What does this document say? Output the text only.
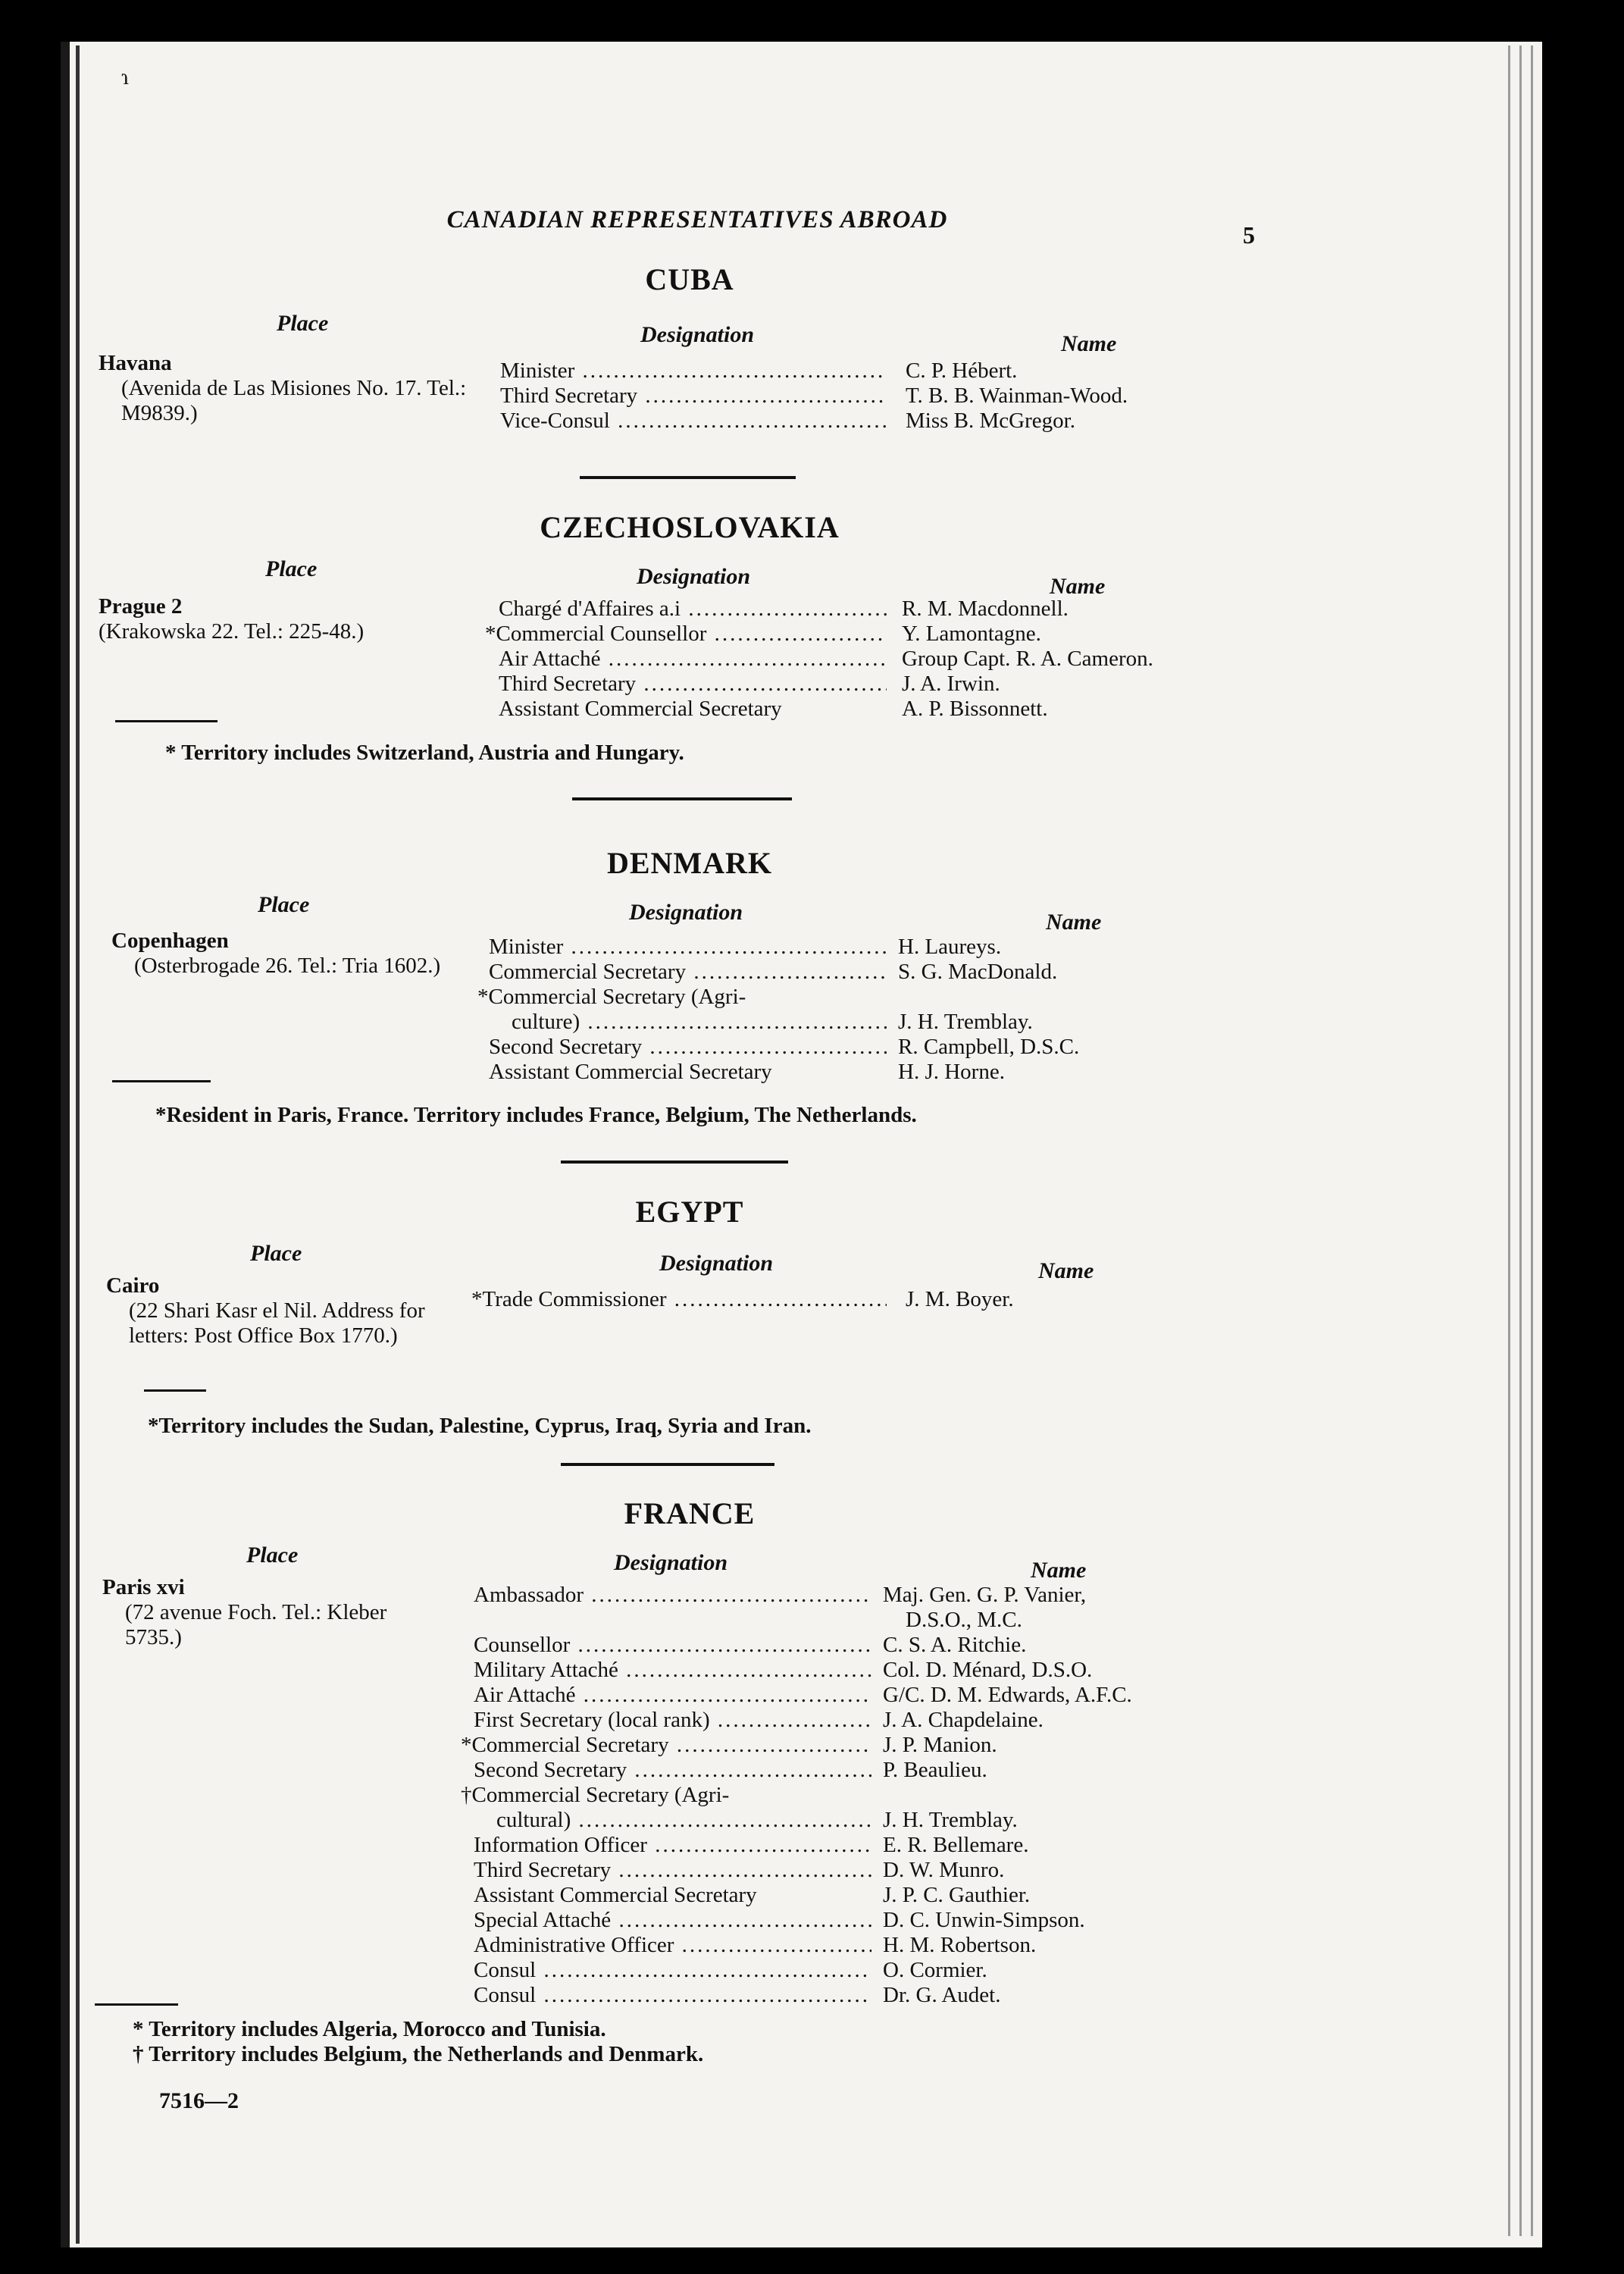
ɿ
CANADIAN REPRESENTATIVES ABROAD
5
CUBA
Place	Designation	Name
Havana
(Avenida de Las Misiones No. 17. Tel.: M9839.)
Minister .....	C. P. Hébert.
Third Secretary .....	T. B. B. Wainman-Wood.
Vice-Consul .....	Miss B. McGregor.
CZECHOSLOVAKIA
Place	Designation	Name
Prague 2
(Krakowska 22. Tel.: 225-48.)
Chargé d'Affaires a.i .....	R. M. Macdonnell.
*Commercial Counsellor .....	Y. Lamontagne.
Air Attaché .....	Group Capt. R. A. Cameron.
Third Secretary .....	J. A. Irwin.
Assistant Commercial Secretary	A. P. Bissonnett.
* Territory includes Switzerland, Austria and Hungary.
DENMARK
Place	Designation	Name
Copenhagen
(Osterbrogade 26. Tel.: Tria 1602.)
Minister .....	H. Laureys.
Commercial Secretary .....	S. G. MacDonald.
*Commercial Secretary (Agri-
culture) .....	J. H. Tremblay.
Second Secretary .....	R. Campbell, D.S.C.
Assistant Commercial Secretary	H. J. Horne.
*Resident in Paris, France. Territory includes France, Belgium, The Netherlands.
EGYPT
Place	Designation	Name
Cairo
(22 Shari Kasr el Nil. Address for letters: Post Office Box 1770.)
*Trade Commissioner .....	J. M. Boyer.
*Territory includes the Sudan, Palestine, Cyprus, Iraq, Syria and Iran.
FRANCE
Place	Designation	Name
Paris xvi
(72 avenue Foch. Tel.: Kleber 5735.)
Ambassador .....	Maj. Gen. G. P. Vanier,
D.S.O., M.C.
Counsellor .....	C. S. A. Ritchie.
Military Attaché .....	Col. D. Ménard, D.S.O.
Air Attaché .....	G/C. D. M. Edwards, A.F.C.
First Secretary (local rank) .....	J. A. Chapdelaine.
*Commercial Secretary .....	J. P. Manion.
Second Secretary .....	P. Beaulieu.
†Commercial Secretary (Agri-
cultural) .....	J. H. Tremblay.
Information Officer .....	E. R. Bellemare.
Third Secretary .....	D. W. Munro.
Assistant Commercial Secretary	J. P. C. Gauthier.
Special Attaché .....	D. C. Unwin-Simpson.
Administrative Officer .....	H. M. Robertson.
Consul .....	O. Cormier.
Consul .....	Dr. G. Audet.
* Territory includes Algeria, Morocco and Tunisia.
† Territory includes Belgium, the Netherlands and Denmark.
7516—2
